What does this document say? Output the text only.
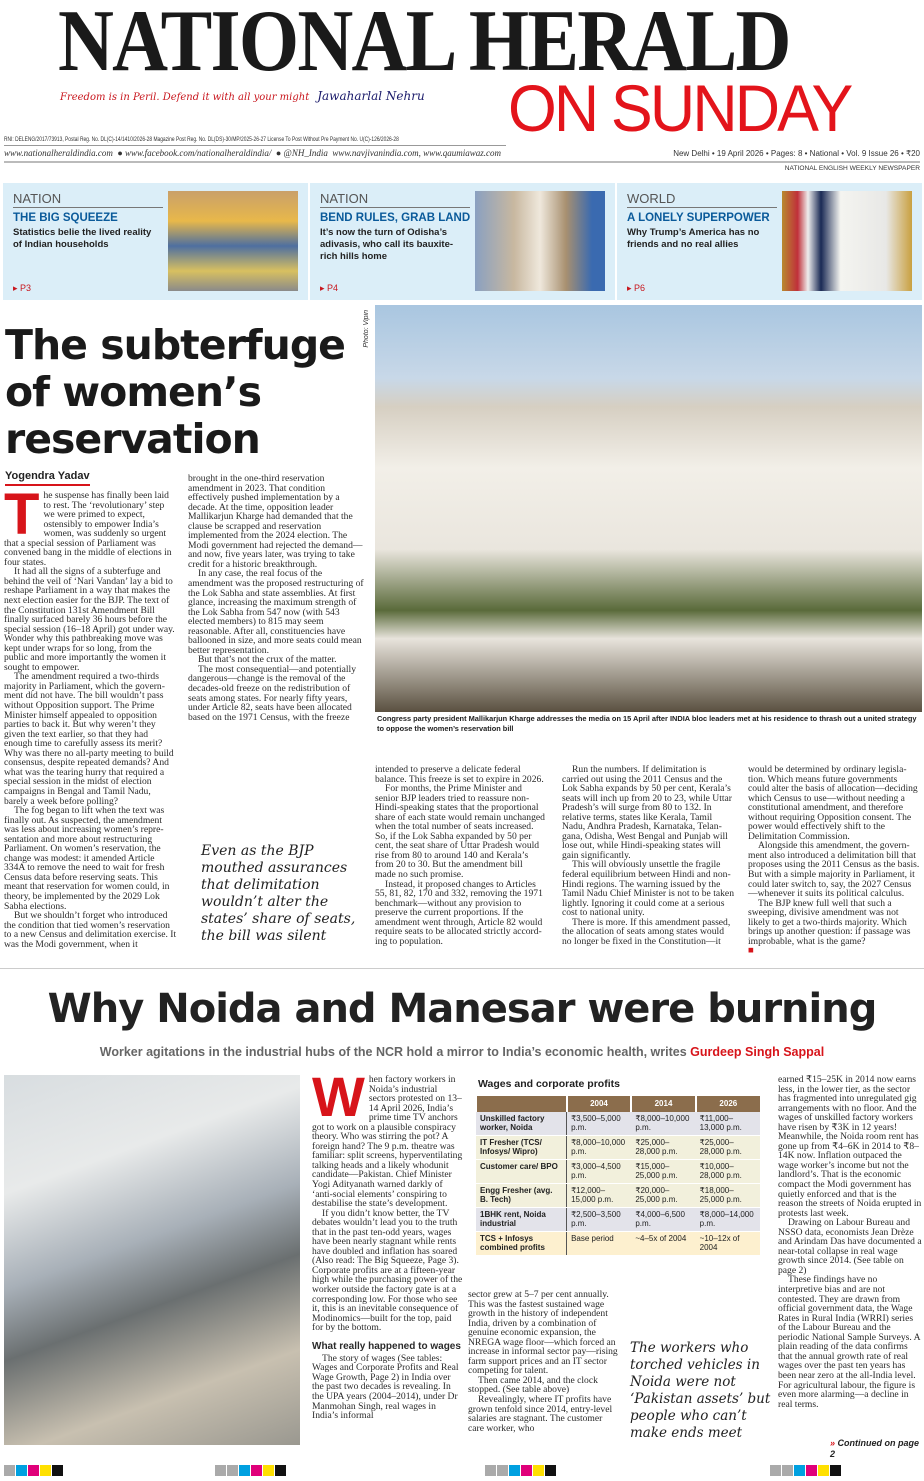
NATIONAL HERALD
Freedom is in Peril. Defend it with all your might Jawaharlal Nehru ON SUNDAY
RNI: DELENG/2017/73913, Postal Reg. No. DL(C)-14/1410/2026-28 Magazine Post Reg. No. DL(DS)-30/MP/2025-26-27 License To Post Without Pre Payment No. U(C)-126/2026-28
www.nationalheraldindia.com ● www.facebook.com/nationalheraldindia/ ● @NH_India www.navjivanindia.com, www.qaumiawaz.com	New Delhi • 19 April 2026 • Pages: 8 • National • Vol. 9 Issue 26 • ₹20
NATIONAL ENGLISH WEEKLY NEWSPAPER
NATION
THE BIG SQUEEZE
Statistics belie the lived reality of Indian households
▸ P3
NATION
BEND RULES, GRAB LAND
It’s now the turn of Odisha’s adivasis, who call its bauxite-rich hills home
▸ P4
WORLD
A LONELY SUPERPOWER
Why Trump’s America has no friends and no real allies
▸ P6
The subterfuge of women’s reservation
Photo: Vipin
Congress party president Mallikarjun Kharge addresses the media on 15 April after INDIA bloc leaders met at his residence to thrash out a united strategy to oppose the women’s reservation bill
Yogendra Yadav
T he suspense has finally been laid to rest. The ‘revolutionary’ step we were primed to expect, ostensibly to empower India’s women, was suddenly so urgent that a special session of Parliament was convened bang in the middle of elections in four states.

It had all the signs of a subterfuge and behind the veil of ‘Nari Vandan’ lay a bid to reshape Parliament in a way that makes the next election easier for the BJP. The text of the Constitution 131st Amendment Bill finally surfaced barely 36 hours before the special session (16–18 April) got under way. Wonder why this pathbreaking move was kept under wraps for so long, from the public and more importantly the women it sought to empower.

The amendment required a two-thirds majority in Parliament, which the govern-ment did not have. The bill wouldn’t pass without Opposition support. The Prime Minister himself appealed to opposition parties to back it. But why weren’t they given the text earlier, so that they had enough time to carefully assess its merit? Why was there no all-party meeting to build consensus, despite repeated demands? And what was the tearing hurry that required a special session in the midst of election campaigns in Bengal and Tamil Nadu, barely a week before polling?

The fog began to lift when the text was finally out. As suspected, the amendment was less about increasing women’s repre-sentation and more about restructuring Parliament. On women’s reservation, the change was modest: it amended Article 334A to remove the need to wait for fresh Census data before reserving seats. This meant that reservation for women could, in theory, be implemented by the 2029 Lok Sabha elections.

But we shouldn’t forget who introduced the condition that tied women’s reservation to a new Census and delimitation exercise. It was the Modi government, when it

brought in the one-third reservation amendment in 2023. That condition effectively pushed implementation by a decade. At the time, opposition leader Mallikarjun Kharge had demanded that the clause be scrapped and reservation implemented from the 2024 election. The Modi government had rejected the demand—and now, five years later, was trying to take credit for a historic breakthrough.

In any case, the real focus of the amendment was the proposed restructuring of the Lok Sabha and state assemblies. At first glance, increasing the maximum strength of the Lok Sabha from 547 now (with 543 elected members) to 815 may seem reasonable. After all, constituencies have ballooned in size, and more seats could mean better representation.

But that’s not the crux of the matter.

The most consequential—and potentially dangerous—change is the removal of the decades-old freeze on the redistribution of seats among states. For nearly fifty years, under Article 82, seats have been allocated based on the 1971 Census, with the freeze

Even as the BJP mouthed assurances that delimitation wouldn’t alter the states’ share of seats, the bill was silent

intended to preserve a delicate federal balance. This freeze is set to expire in 2026.

For months, the Prime Minister and senior BJP leaders tried to reassure non-Hindi-speaking states that the proportional share of each state would remain unchanged when the total number of seats increased. So, if the Lok Sabha expanded by 50 per cent, the seat share of Uttar Pradesh would rise from 80 to around 140 and Kerala’s from 20 to 30. But the amendment bill made no such promise.

Instead, it proposed changes to Articles 55, 81, 82, 170 and 332, removing the 1971 benchmark—without any provision to preserve the current proportions. If the amendment went through, Article 82 would require seats to be allocated strictly accord-ing to population.

Run the numbers. If delimitation is carried out using the 2011 Census and the Lok Sabha expands by 50 per cent, Kerala’s seats will inch up from 20 to 23, while Uttar Pradesh’s will surge from 80 to 132. In relative terms, states like Kerala, Tamil Nadu, Andhra Pradesh, Karnataka, Telan-gana, Odisha, West Bengal and Punjab will lose out, while Hindi-speaking states will gain significantly.

This will obviously unsettle the fragile federal equilibrium between Hindi and non-Hindi regions. The warning issued by the Tamil Nadu Chief Minister is not to be taken lightly. Ignoring it could come at a serious cost to national unity.

There is more. If this amendment passed, the allocation of seats among states would no longer be fixed in the Constitution—it

would be determined by ordinary legisla-tion. Which means future governments could alter the basis of allocation—deciding which Census to use—without needing a constitutional amendment, and therefore without requiring Opposition consent. The power would effectively shift to the Delimitation Commission.

Alongside this amendment, the govern-ment also introduced a delimitation bill that proposes using the 2011 Census as the basis. But with a simple majority in Parliament, it could later switch to, say, the 2027 Census—whenever it suits its political calculus.

The BJP knew full well that such a sweeping, divisive amendment was not likely to get a two-thirds majority. Which brings up another question: if passage was improbable, what is the game?

■
Why Noida and Manesar were burning
Worker agitations in the industrial hubs of the NCR hold a mirror to India’s economic health, writes Gurdeep Singh Sappal
W hen factory workers in Noida’s industrial sectors protested on 13–14 April 2026, India’s prime time TV anchors got to work on a plausible conspiracy theory. Who was stirring the pot? A foreign hand? The 9 p.m. theatre was familiar: split screens, hyperventilating talking heads and a likely whodunit candidate—Pakistan. Chief Minister Yogi Adityanath warned darkly of ‘anti-social elements’ conspiring to destabilise the state’s development.

If you didn’t know better, the TV debates wouldn’t lead you to the truth that in the past ten-odd years, wages have been nearly stagnant while rents have doubled and inflation has soared (Also read: The Big Squeeze, Page 3). Corporate profits are at a fifteen-year high while the purchasing power of the worker outside the factory gate is at a corresponding low. For those who see it, this is an inevitable consequence of Modinomics—built for the top, paid for by the bottom.

What really happened to wages

The story of wages (See tables: Wages and Corporate Profits and Real Wage Growth, Page 2) in India over the past two decades is revealing. In the UPA years (2004–2014), under Dr Manmohan Singh, real wages in India’s informal

Wages and corporate profits
	2004	2014	2026
Unskilled factory worker, Noida	₹3,500–5,000 p.m.	₹8,000–10,000 p.m.	₹11,000–13,000 p.m.
IT Fresher (TCS/ Infosys/ Wipro)	₹8,000–10,000 p.m.	₹25,000–28,000 p.m.	₹25,000–28,000 p.m.
Customer care/ BPO	₹3,000–4,500 p.m.	₹15,000–25,000 p.m.	₹10,000–28,000 p.m.
Engg Fresher (avg. B. Tech)	₹12,000–15,000 p.m.	₹20,000–25,000 p.m.	₹18,000–25,000 p.m.
1BHK rent, Noida industrial	₹2,500–3,500 p.m.	₹4,000–6,500 p.m.	₹8,000–14,000 p.m.
TCS + Infosys combined profits	Base period	~4–5x of 2004	~10–12x of 2004

sector grew at 5–7 per cent annually. This was the fastest sustained wage growth in the history of independent India, driven by a combination of genuine economic expansion, the NREGA wage floor—which forced an increase in informal sector pay—rising farm support prices and an IT sector competing for talent.

Then came 2014, and the clock stopped. (See table above)

Revealingly, where IT profits have grown tenfold since 2014, entry-level salaries are stagnant. The customer care worker, who

The workers who torched vehicles in Noida were not ‘Pakistan assets’ but people who can’t make ends meet

earned ₹15–25K in 2014 now earns less, in the lower tier, as the sector has fragmented into unregulated gig arrangements with no floor. And the wages of unskilled factory workers have risen by ₹3K in 12 years! Meanwhile, the Noida room rent has gone up from ₹4–6K in 2014 to ₹8–14K now. Inflation outpaced the wage worker’s income but not the landlord’s. That is the economic compact the Modi government has quietly enforced and that is the reason the streets of Noida erupted in protests last week.

Drawing on Labour Bureau and NSSO data, economists Jean Drèze and Arindam Das have documented a near-total collapse in real wage growth since 2014. (See table on page 2)

These findings have no interpretive bias and are not contested. They are drawn from official government data, the Wage Rates in Rural India (WRRI) series of the Labour Bureau and the periodic National Sample Surveys. A plain reading of the data confirms that the annual growth rate of real wages over the past ten years has been near zero at the all-India level. For agricultural labour, the figure is even more alarming—a decline in real terms.

» Continued on page 2
